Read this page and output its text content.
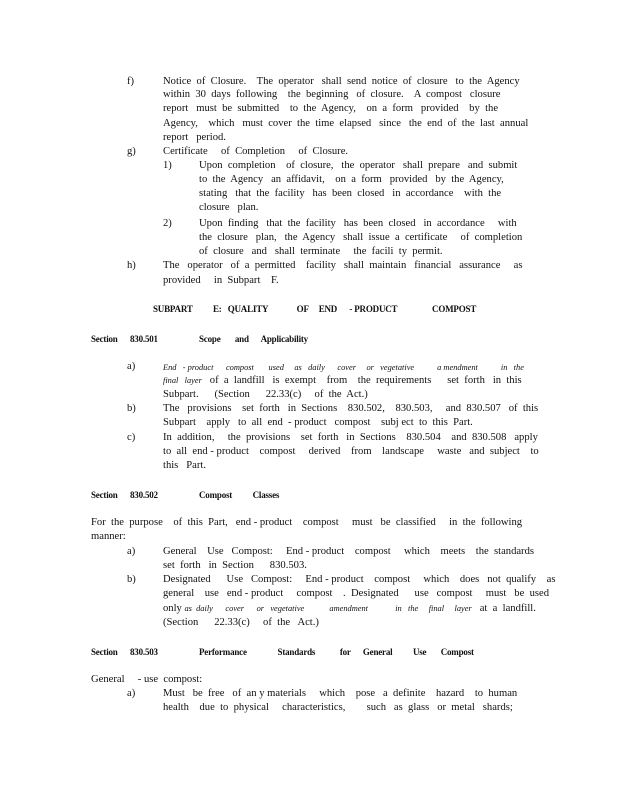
f)	Notice  of  Closure.    The  operator   shall  send  notice  of  closure   to  the  Agency
within  30  days  following    the  beginning   of  closure.    A  compost   closure
report   must  be  submitted    to  the  Agency,    on  a  form   provided    by  the
Agency,    which   must  cover  the  time  elapsed   since   the  end  of  the  last  annual
report   period.
g)	Certificate     of  Completion     of  Closure.
1)	Upon  completion    of  closure,   the  operator   shall  prepare   and  submit
to  the  Agency   an  affidavit,    on  a  form   provided   by  the  Agency,
stating   that  the  facility   has  been  closed   in  accordance    with  the
closure   plan.
2)	Upon  finding   that  the  facility   has  been  closed   in  accordance     with
the  closure   plan,   the  Agency   shall  issue  a  certificate     of  completion
of  closure   and   shall  terminate     the  facili  ty  permit.
h)	The   operator   of  a  permitted    facility   shall  maintain   financial   assurance     as
provided     in  Subpart    F.
SUBPART          E:   QUALITY              OF     END      - PRODUCT                 COMPOST
Section 830.501	Scope       and      Applicability
a)	End   - product      compost       used     as   daily      cover     or   vegetative           a mendment           in   the
final   layer   of  a  landfill   is  exempt    from    the  requirements      set  forth   in  this
Subpart.      (Section      22.33(c)     of  the  Act.)
b)	The   provisions    set  forth   in  Sections    830.502,    830.503,     and  830.507   of  this
Subpart    apply   to  all  end  - product   compost    subj ect  to  this  Part.
c)	In  addition,     the  provisions    set  forth   in  Sections    830.504    and  830.508   apply
to  all  end - product    compost     derived    from    landscape     waste   and  subject    to
this   Part.
Section 830.502	Compost          Classes
For  the  purpose    of  this  Part,   end - product    compost     must   be  classified     in  the  following
manner:
a)	General    Use   Compost:     End - product    compost     which    meets    the  standards
set  forth   in  Section      830.503.
b)	Designated      Use   Compost:     End - product    compost     which    does   not  qualify    as
general    use   end - product     compost    .  Designated      use   compost     must   be  used
only as  daily      cover      or   vegetative            amendment             in   the     final     layer   at  a  landfill.
(Section      22.33(c)     of  the   Act.)
Section 830.503	Performance               Standards            for      General          Use       Compost
General     - use  compost:
a)	Must   be  free   of  an y materials     which    pose   a  definite    hazard    to  human
health    due  to  physical     characteristics,        such   as  glass   or  metal   shards;
